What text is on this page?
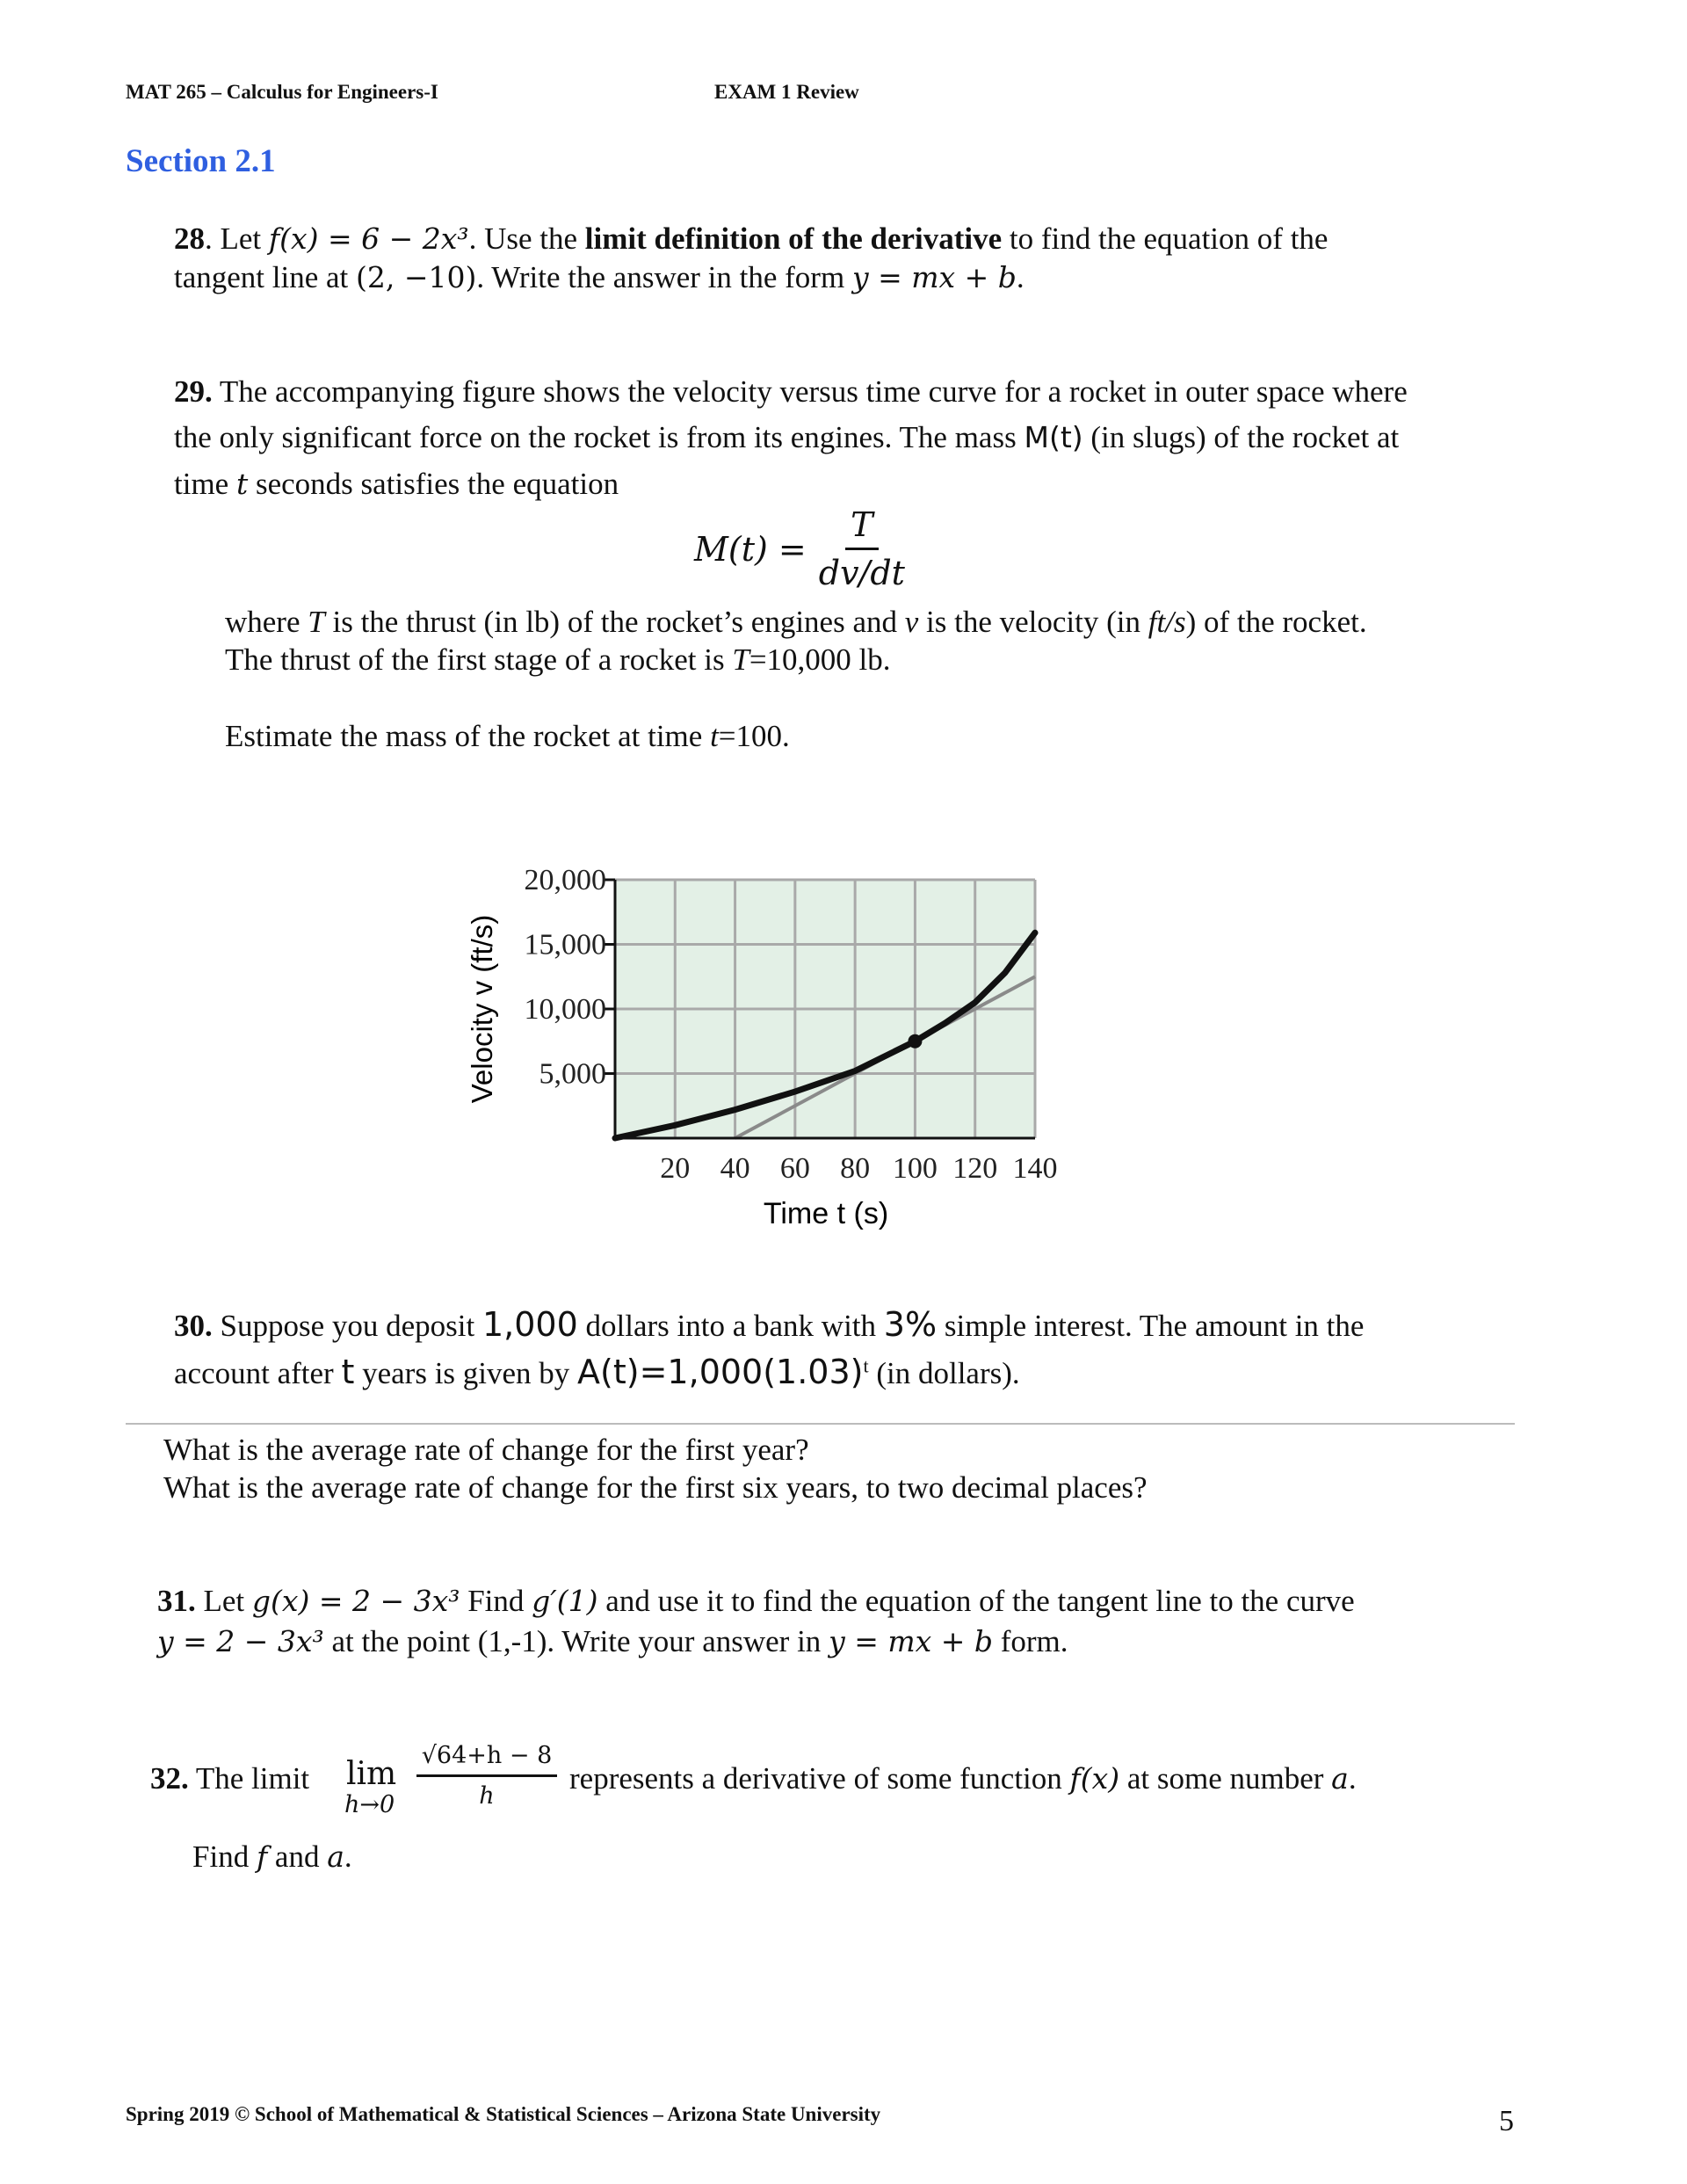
MAT 265 – Calculus for Engineers-I	EXAM 1 Review
Section 2.1
28. Let f(x) = 6 − 2x³. Use the limit definition of the derivative to find the equation of the
tangent line at (2, −10). Write the answer in the form y = mx + b.
29. The accompanying figure shows the velocity versus time curve for a rocket in outer space where
the only significant force on the rocket is from its engines. The mass M(t) (in slugs) of the rocket at
time t seconds satisfies the equation
$M(t) = \frac{T}{dv/dt}$
where T is the thrust (in lb) of the rocket’s engines and v is the velocity (in ft/s) of the rocket.
The thrust of the first stage of a rocket is T=10,000 lb.
Estimate the mass of the rocket at time t=100.
20 40 60 80 100 120 140
5,000
10,000
15,000
20,000
Time t (s)
Velocity v (ft/s)
30. Suppose you deposit 1,000 dollars into a bank with 3% simple interest. The amount in the
account after t years is given by $A(t)=1,000(1.03)^t$ (in dollars).
What is the average rate of change for the first year?
What is the average rate of change for the first six years, to two decimal places?
31. Let g(x) = 2 − 3x³ Find g′(1) and use it to find the equation of the tangent line to the curve
y = 2 − 3x³ at the point (1,-1). Write your answer in y = mx + b form.
32. The limit lim
$h\to 0 \frac{√64+h - 8}{h}$ represents a derivative of some function f(x) at some number a.
Find f and a.
Spring 2019 © School of Mathematical & Statistical Sciences – Arizona State University	5
